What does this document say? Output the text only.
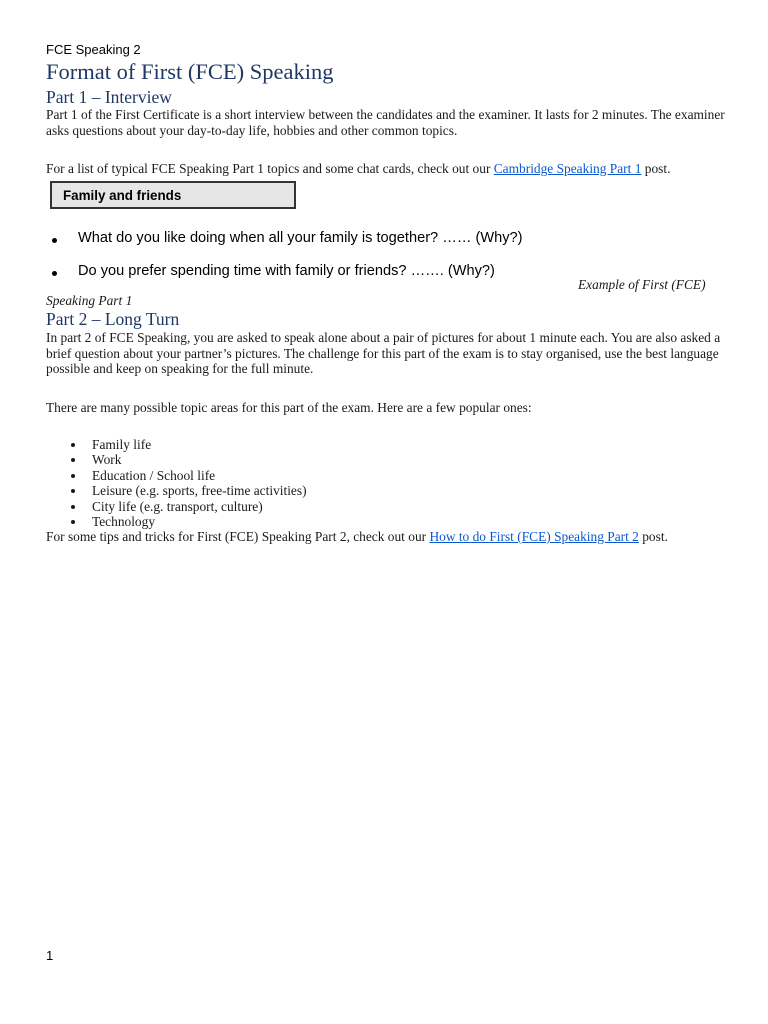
FCE Speaking 2
Format of First (FCE) Speaking
Part 1 – Interview
Part 1 of the First Certificate is a short interview between the candidates and the examiner. It lasts for 2 minutes. The examiner asks questions about your day-to-day life, hobbies and other common topics.
For a list of typical FCE Speaking Part 1 topics and some chat cards, check out our Cambridge Speaking Part 1 post.
Family and friends
What do you like doing when all your family is together? …… (Why?)
Do you prefer spending time with family or friends? ……. (Why?)
Example of First (FCE)
Speaking Part 1
Part 2 – Long Turn
In part 2 of FCE Speaking, you are asked to speak alone about a pair of pictures for about 1 minute each. You are also asked a brief question about your partner’s pictures. The challenge for this part of the exam is to stay organised, use the best language possible and keep on speaking for the full minute.
There are many possible topic areas for this part of the exam. Here are a few popular ones:
Family life
Work
Education / School life
Leisure (e.g. sports, free-time activities)
City life (e.g. transport, culture)
Technology
For some tips and tricks for First (FCE) Speaking Part 2, check out our How to do First (FCE) Speaking Part 2 post.
1
